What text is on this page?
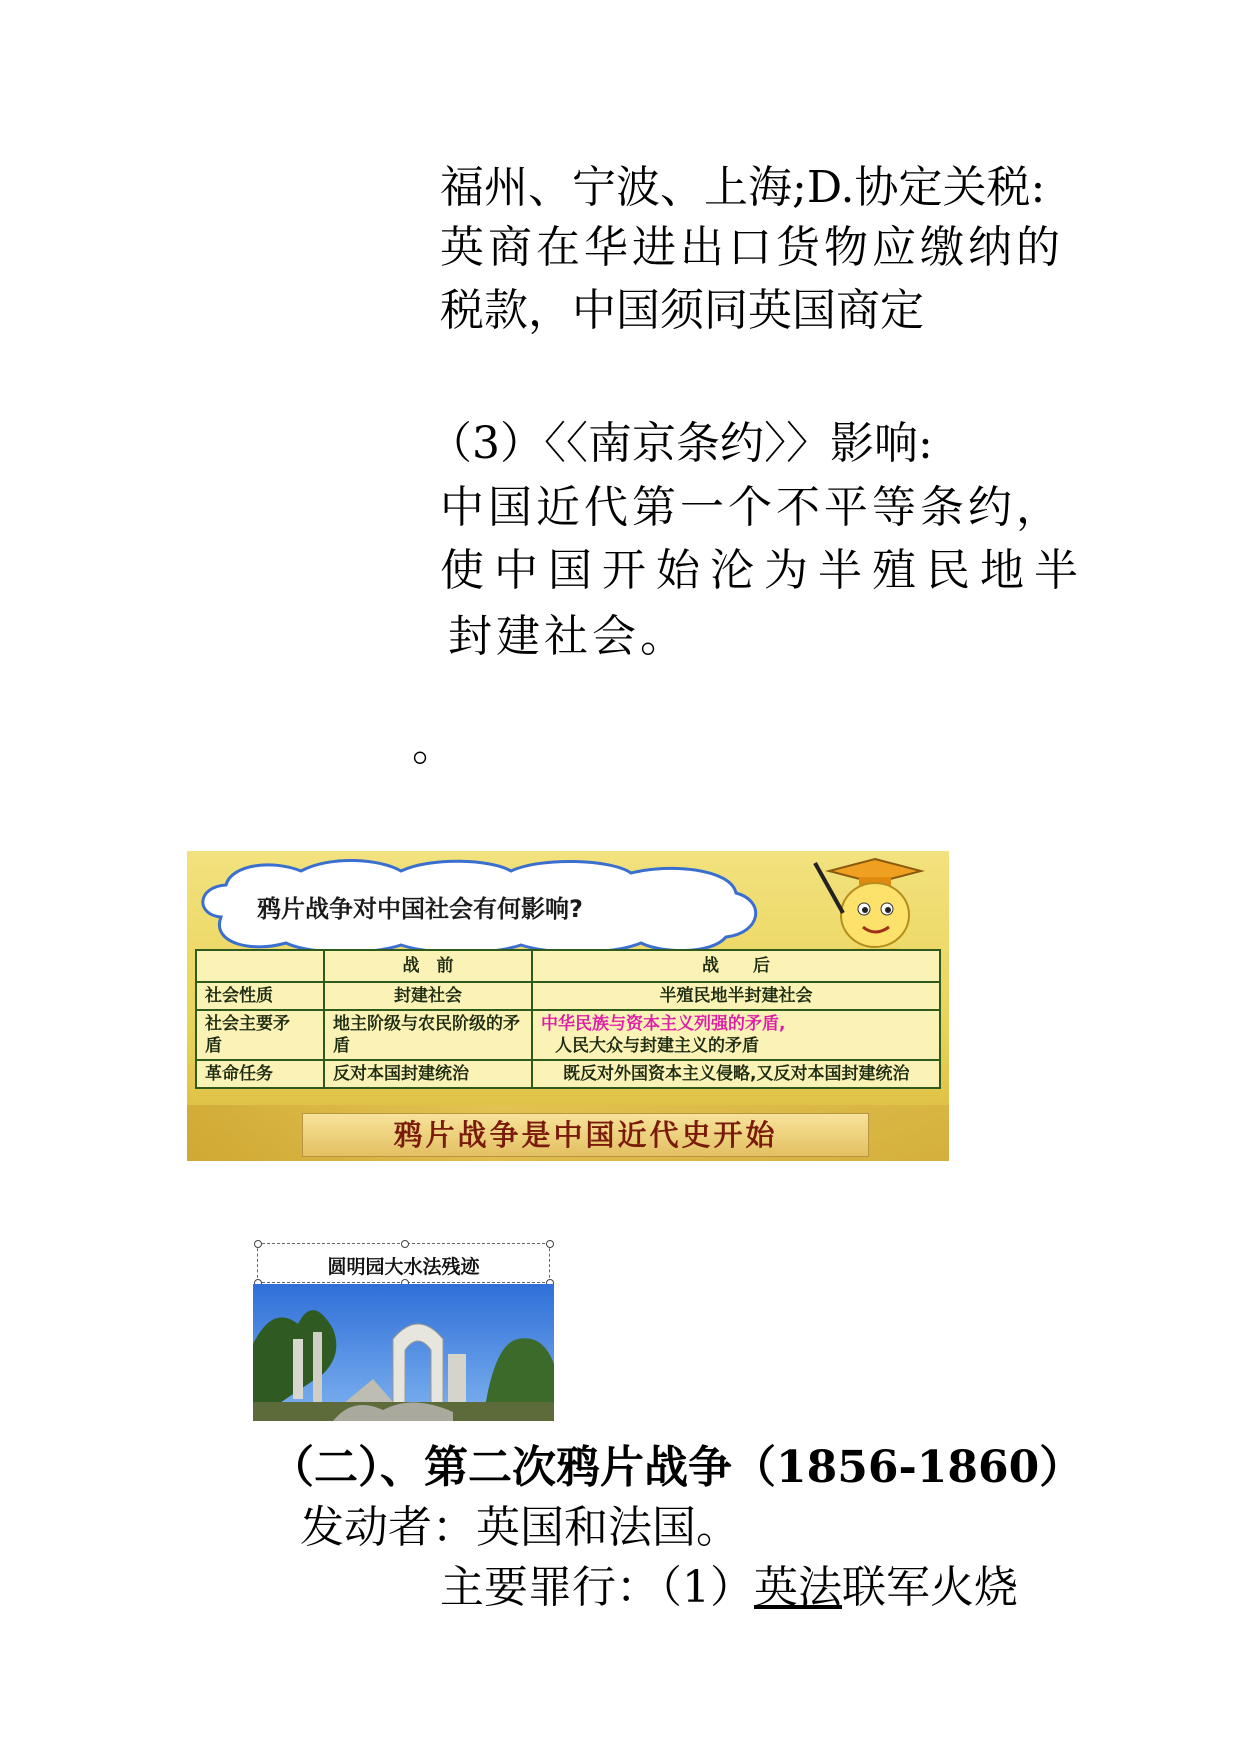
福州、宁波、上海;D.协定关税:
英商在华进出口货物应缴纳的
税款，中国须同英国商定
（3）〈〈南京条约〉〉影响:
中国近代第一个不平等条约，
使中国开始沦为半殖民地半
封建社会。
。
鸦片战争对中国社会有何影响?
	战　前	战　　后
社会性质	封建社会	半殖民地半封建社会
社会主要矛　　盾	地主阶级与农民阶级的矛盾	中华民族与资本主义列强的矛盾,
人民大众与封建主义的矛盾

革命任务	反对本国封建统治	既反对外国资本主义侵略,又反对本国封建统治
鸦片战争是中国近代史开始
圆明园大水法残迹
（二）、第二次鸦片战争（1856-1860）
发动者：英国和法国。
主要罪行：（1）英法联军火烧
